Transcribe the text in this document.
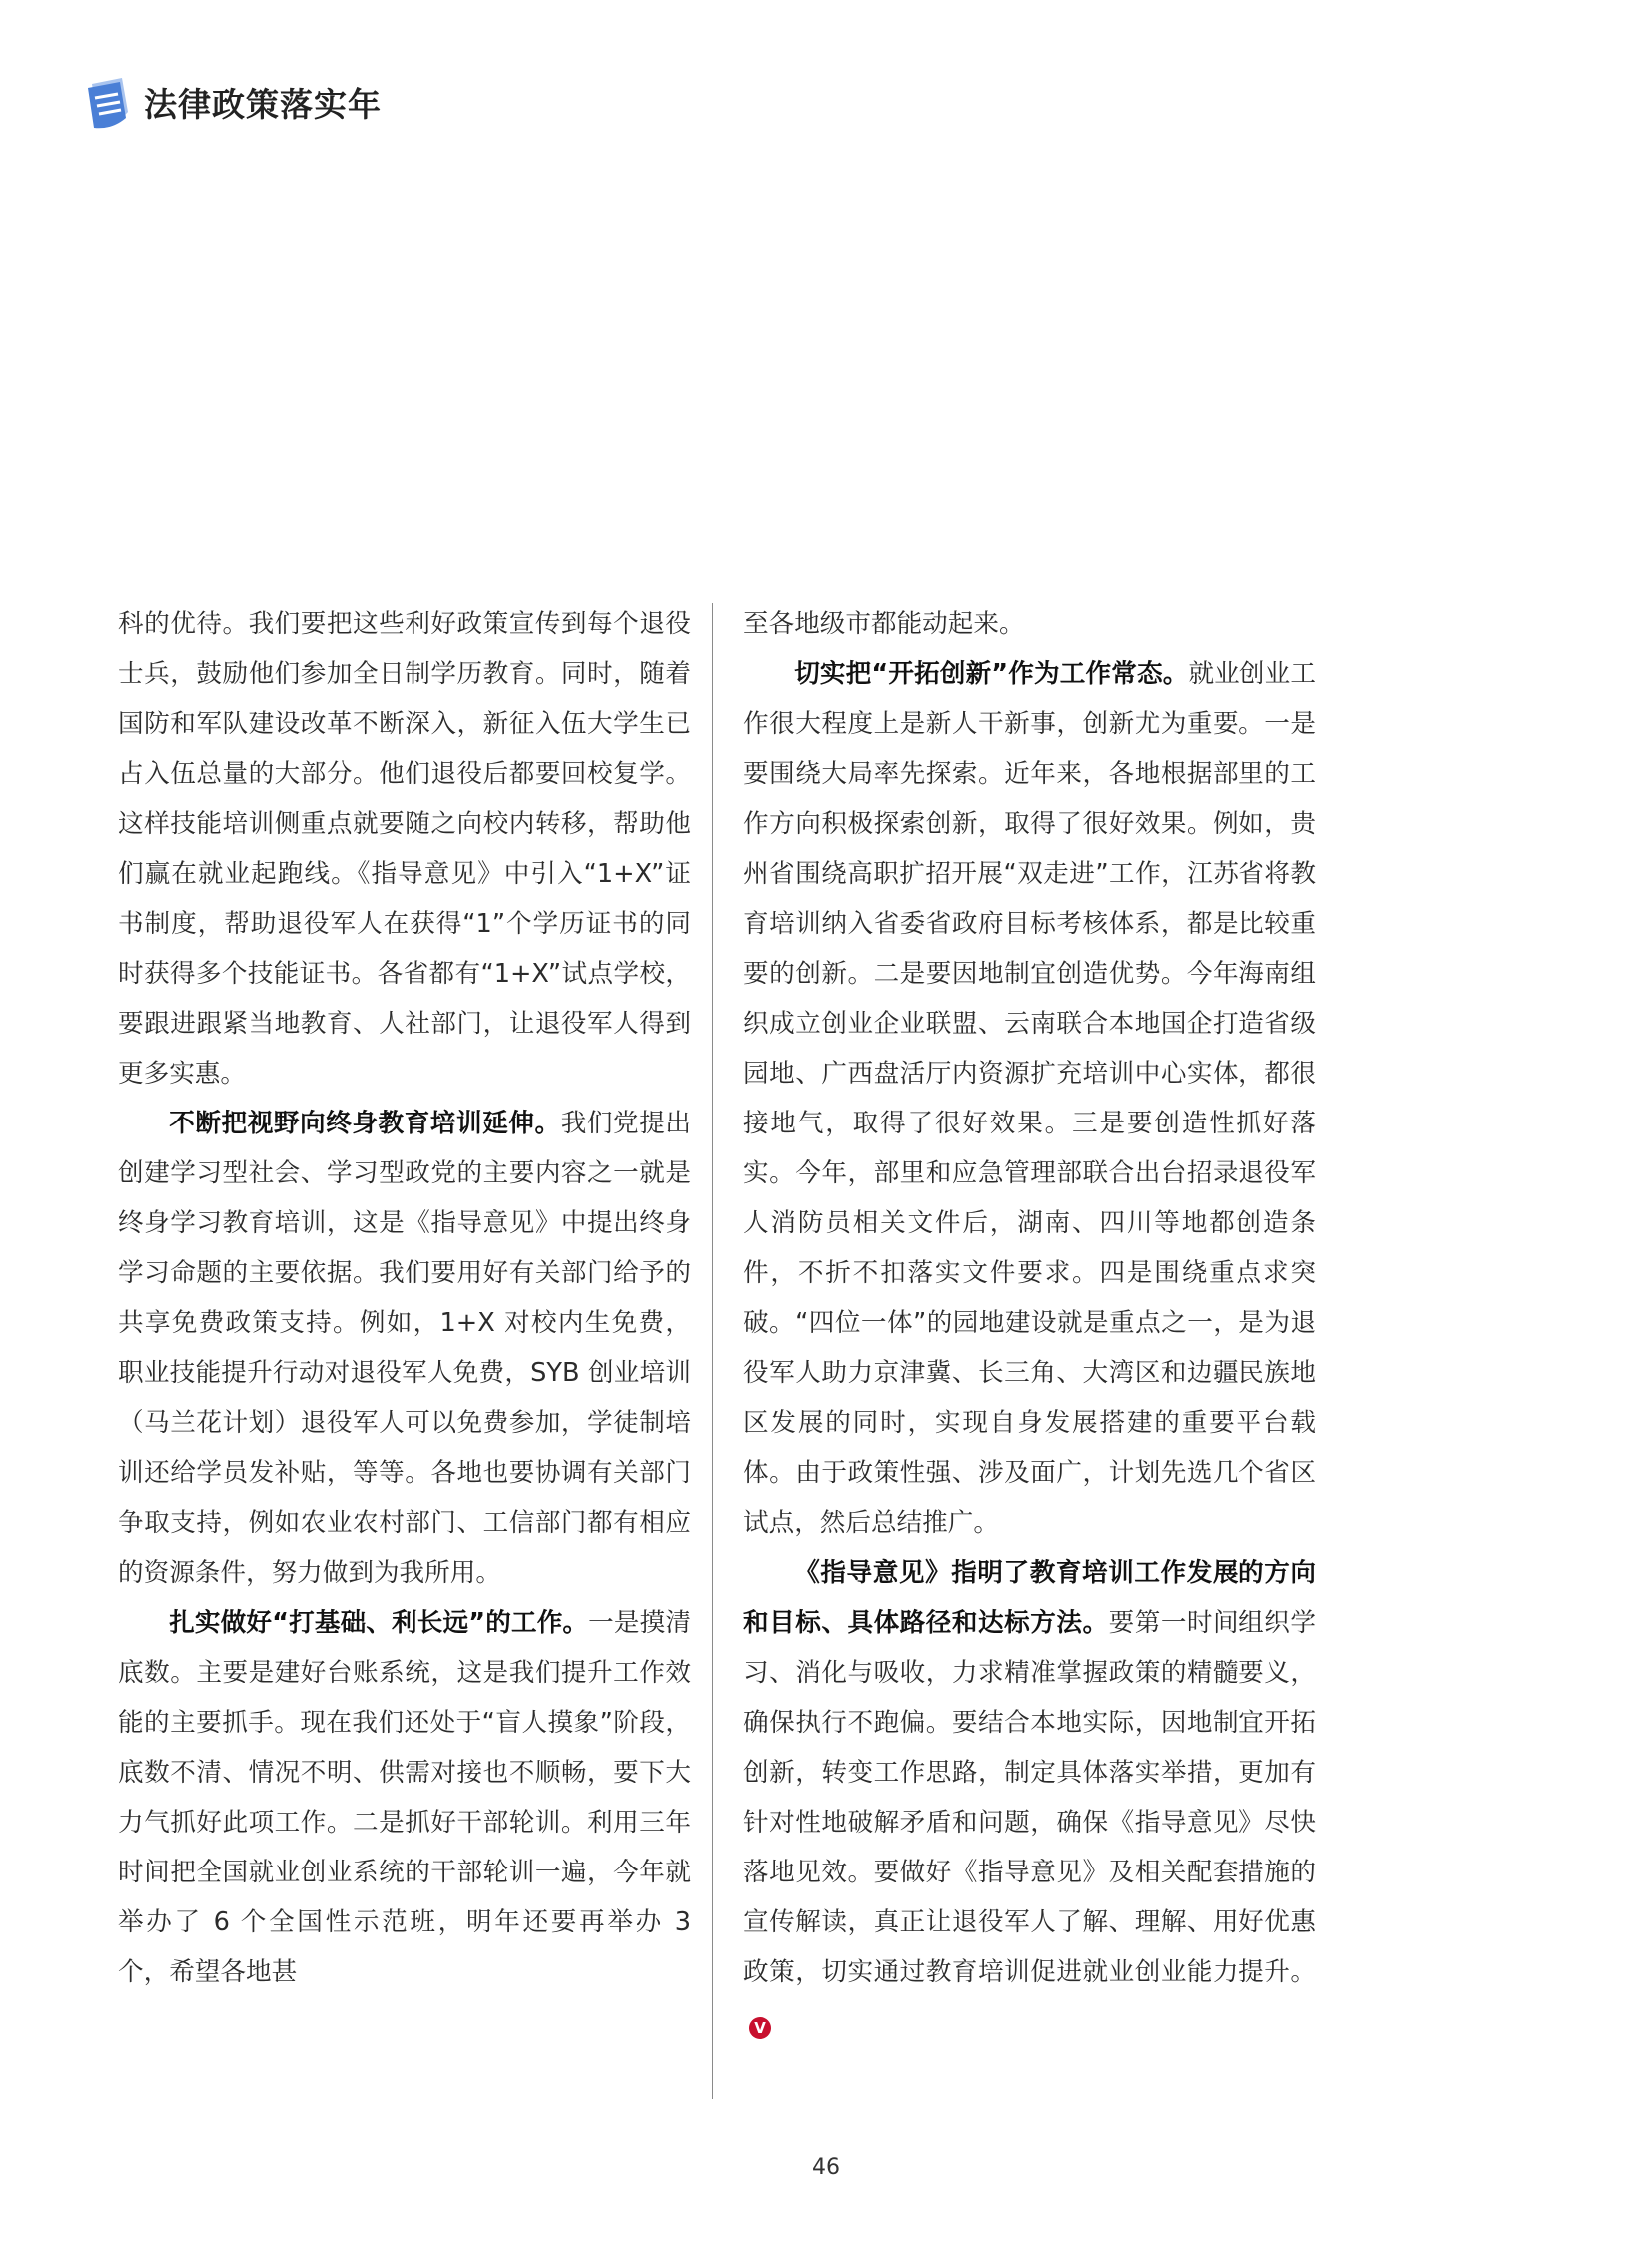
法律政策落实年

科的优待。我们要把这些利好政策宣传到每个退役士兵，鼓励他们参加全日制学历教育。同时，随着国防和军队建设改革不断深入，新征入伍大学生已占入伍总量的大部分。他们退役后都要回校复学。这样技能培训侧重点就要随之向校内转移，帮助他们赢在就业起跑线。《指导意见》中引入“1+X”证书制度，帮助退役军人在获得“1”个学历证书的同时获得多个技能证书。各省都有“1+X”试点学校，要跟进跟紧当地教育、人社部门，让退役军人得到更多实惠。

不断把视野向终身教育培训延伸。我们党提出创建学习型社会、学习型政党的主要内容之一就是终身学习教育培训，这是《指导意见》中提出终身学习命题的主要依据。我们要用好有关部门给予的共享免费政策支持。例如，1+X 对校内生免费，职业技能提升行动对退役军人免费，SYB 创业培训（马兰花计划）退役军人可以免费参加，学徒制培训还给学员发补贴，等等。各地也要协调有关部门争取支持，例如农业农村部门、工信部门都有相应的资源条件，努力做到为我所用。

扎实做好“打基础、利长远”的工作。一是摸清底数。主要是建好台账系统，这是我们提升工作效能的主要抓手。现在我们还处于“盲人摸象”阶段，底数不清、情况不明、供需对接也不顺畅，要下大力气抓好此项工作。二是抓好干部轮训。利用三年时间把全国就业创业系统的干部轮训一遍，今年就举办了 6 个全国性示范班，明年还要再举办 3 个，希望各地甚

至各地级市都能动起来。

切实把“开拓创新”作为工作常态。就业创业工作很大程度上是新人干新事，创新尤为重要。一是要围绕大局率先探索。近年来，各地根据部里的工作方向积极探索创新，取得了很好效果。例如，贵州省围绕高职扩招开展“双走进”工作，江苏省将教育培训纳入省委省政府目标考核体系，都是比较重要的创新。二是要因地制宜创造优势。今年海南组织成立创业企业联盟、云南联合本地国企打造省级园地、广西盘活厅内资源扩充培训中心实体，都很接地气，取得了很好效果。三是要创造性抓好落实。今年，部里和应急管理部联合出台招录退役军人消防员相关文件后，湖南、四川等地都创造条件，不折不扣落实文件要求。四是围绕重点求突破。“四位一体”的园地建设就是重点之一，是为退役军人助力京津冀、长三角、大湾区和边疆民族地区发展的同时，实现自身发展搭建的重要平台载体。由于政策性强、涉及面广，计划先选几个省区试点，然后总结推广。

《指导意见》指明了教育培训工作发展的方向和目标、具体路径和达标方法。要第一时间组织学习、消化与吸收，力求精准掌握政策的精髓要义，确保执行不跑偏。要结合本地实际，因地制宜开拓创新，转变工作思路，制定具体落实举措，更加有针对性地破解矛盾和问题，确保《指导意见》尽快落地见效。要做好《指导意见》及相关配套措施的宣传解读，真正让退役军人了解、理解、用好优惠政策，切实通过教育培训促进就业创业能力提升。V

46
